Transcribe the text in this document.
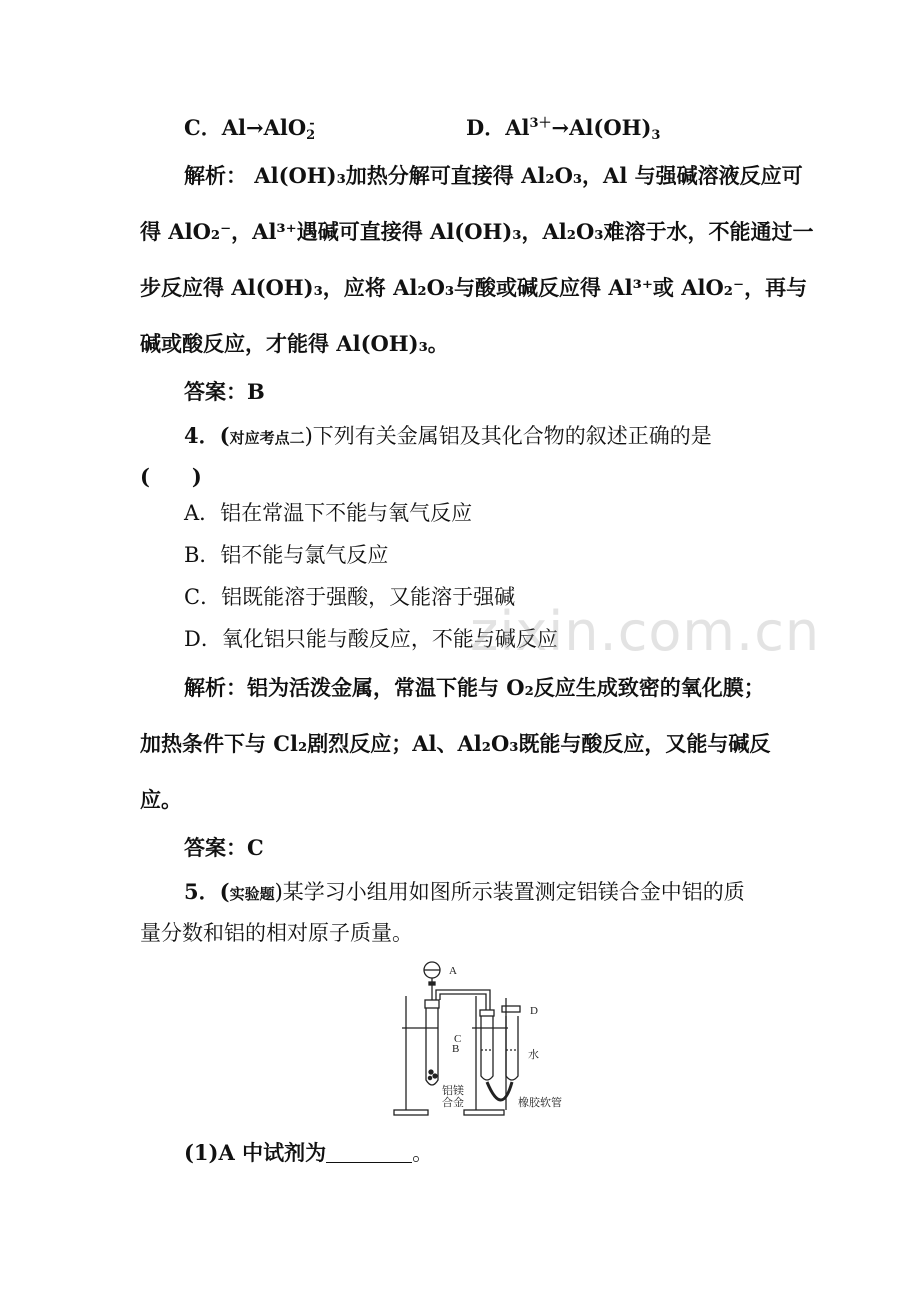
C．Al→AlO$_2$-	D．$Al^{3+}\to Al(OH)_3$
解析： Al(OH)₃加热分解可直接得 Al₂O₃，Al 与强碱溶液反应可
得 AlO₂⁻，Al³⁺遇碱可直接得 Al(OH)₃，Al₂O₃难溶于水，不能通过一
步反应得 Al(OH)₃，应将 Al₂O₃与酸或碱反应得 Al³⁺或 AlO₂⁻，再与
碱或酸反应，才能得 Al(OH)₃。
答案：B
4．(对应考点二)下列有关金属铝及其化合物的叙述正确的是
(　　)
A．铝在常温下不能与氧气反应
B．铝不能与氯气反应
C．铝既能溶于强酸，又能溶于强碱
D．氧化铝只能与酸反应，不能与碱反应
解析：铝为活泼金属，常温下能与 O₂反应生成致密的氧化膜；
加热条件下与 Cl₂剧烈反应；Al、Al₂O₃既能与酸反应，又能与碱反
应。
答案：C
5．(实验题)某学习小组用如图所示装置测定铝镁合金中铝的质
量分数和铝的相对原子质量。
A
B
C
D
水
铝镁
合金	橡胶软管
(1)A 中试剂为	。
zixin.com.cn
